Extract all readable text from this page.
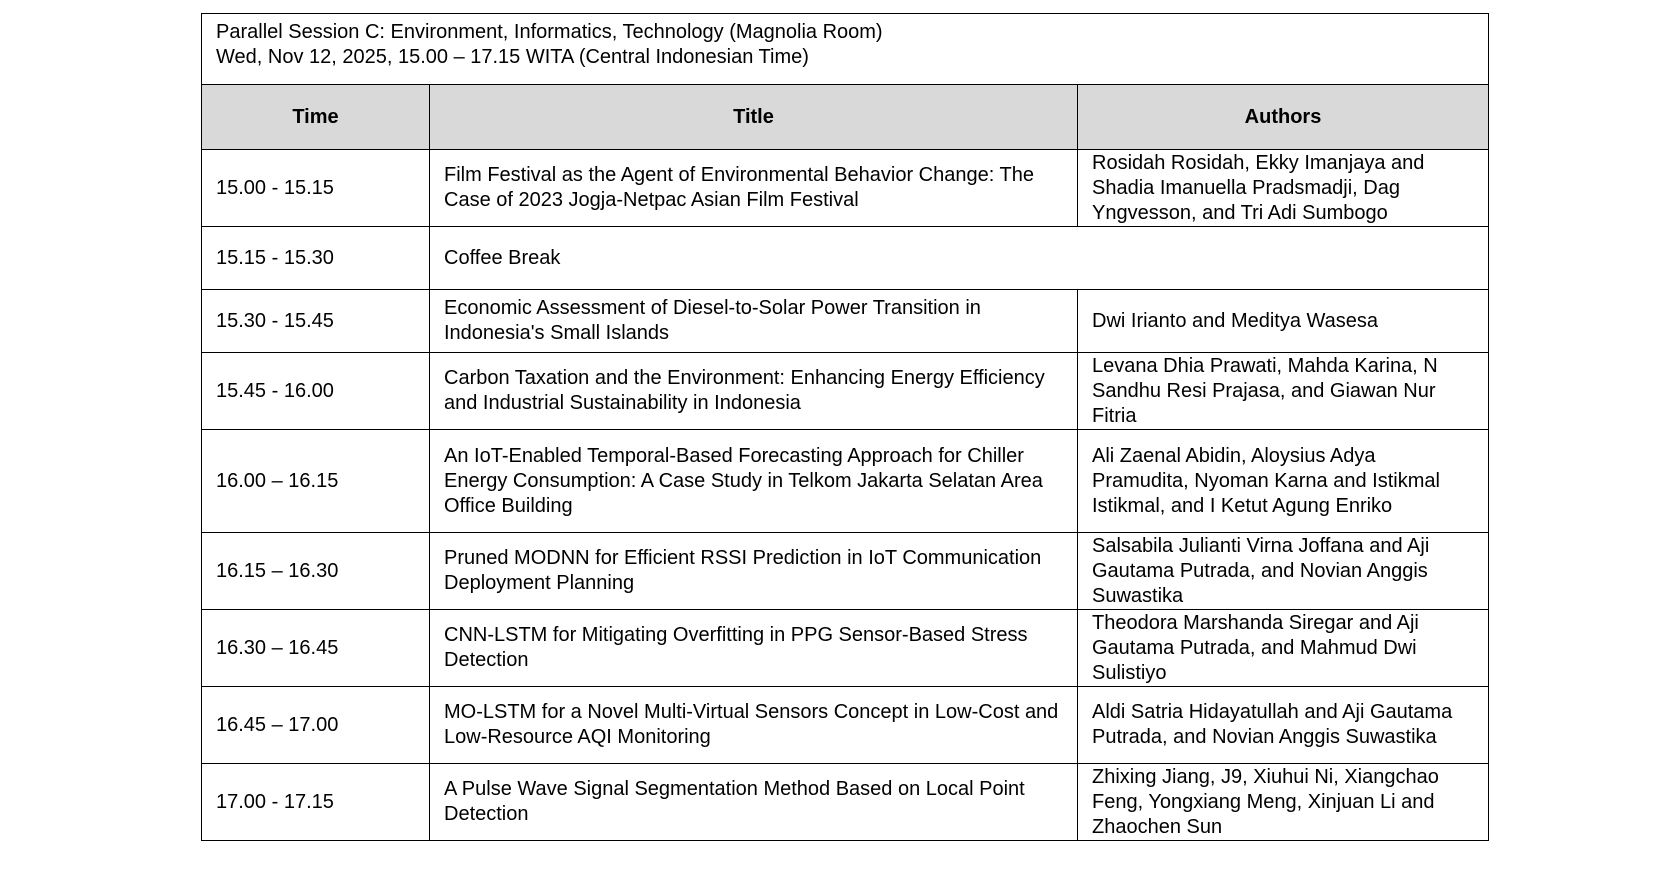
Parallel Session C: Environment, Informatics, Technology (Magnolia Room)
Wed, Nov 12, 2025, 15.00 – 17.15 WITA (Central Indonesian Time)		

Time	Title	Authors
15.00 - 15.15	Film Festival as the Agent of Environmental Behavior Change: The Case of 2023 Jogja-Netpac Asian Film Festival	Rosidah Rosidah, Ekky Imanjaya and Shadia Imanuella Pradsmadji, Dag Yngvesson, and Tri Adi Sumbogo
15.15 - 15.30	Coffee Break	
15.30 - 15.45	Economic Assessment of Diesel-to-Solar Power Transition in Indonesia's Small Islands	Dwi Irianto and Meditya Wasesa
15.45 - 16.00	Carbon Taxation and the Environment: Enhancing Energy Efficiency and Industrial Sustainability in Indonesia	Levana Dhia Prawati, Mahda Karina, N Sandhu Resi Prajasa, and Giawan Nur Fitria
16.00 – 16.15	An IoT-Enabled Temporal-Based Forecasting Approach for Chiller Energy Consumption: A Case Study in Telkom Jakarta Selatan Area Office Building	Ali Zaenal Abidin, Aloysius Adya Pramudita, Nyoman Karna and Istikmal Istikmal, and I Ketut Agung Enriko
16.15 – 16.30	Pruned MODNN for Efficient RSSI Prediction in IoT Communication Deployment Planning	Salsabila Julianti Virna Joffana and Aji Gautama Putrada, and Novian Anggis Suwastika
16.30 – 16.45	CNN-LSTM for Mitigating Overfitting in PPG Sensor-Based Stress Detection	Theodora Marshanda Siregar and Aji Gautama Putrada, and Mahmud Dwi Sulistiyo
16.45 – 17.00	MO-LSTM for a Novel Multi-Virtual Sensors Concept in Low-Cost and Low-Resource AQI Monitoring	Aldi Satria Hidayatullah and Aji Gautama Putrada, and Novian Anggis Suwastika
17.00 - 17.15	A Pulse Wave Signal Segmentation Method Based on Local Point Detection	Zhixing Jiang, J9, Xiuhui Ni, Xiangchao Feng, Yongxiang Meng, Xinjuan Li and Zhaochen Sun
